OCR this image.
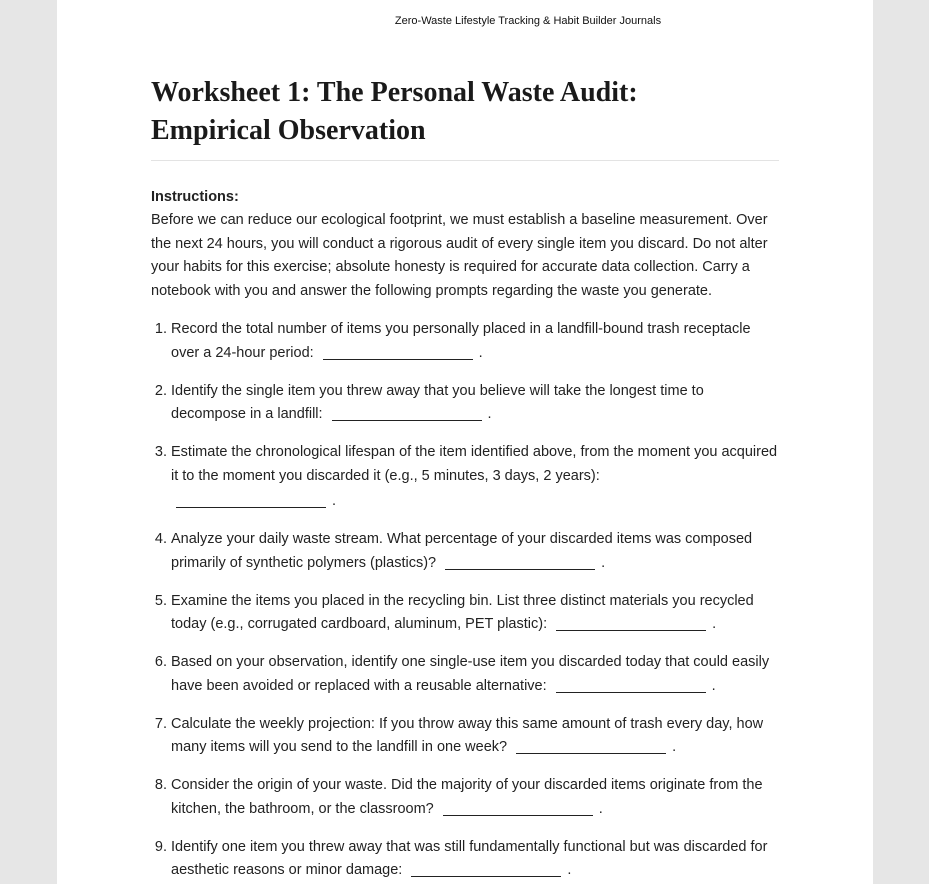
Zero-Waste Lifestyle Tracking & Habit Builder Journals

Worksheet 1: The Personal Waste Audit:
Empirical Observation

Instructions:

Before we can reduce our ecological footprint, we must establish a baseline measurement. Over the next 24 hours, you will conduct a rigorous audit of every single item you discard. Do not alter your habits for this exercise; absolute honesty is required for accurate data collection. Carry a notebook with you and answer the following prompts regarding the waste you generate.

1. Record the total number of items you personally placed in a landfill-bound trash receptacle over a 24-hour period:	.
2. Identify the single item you threw away that you believe will take the longest time to decompose in a landfill:	.
3. Estimate the chronological lifespan of the item identified above, from the moment you acquired it to the moment you discarded it (e.g., 5 minutes, 3 days, 2 years):
.
4. Analyze your daily waste stream. What percentage of your discarded items was composed primarily of synthetic polymers (plastics)?	.
5. Examine the items you placed in the recycling bin. List three distinct materials you recycled today (e.g., corrugated cardboard, aluminum, PET plastic):	.
6. Based on your observation, identify one single-use item you discarded today that could easily have been avoided or replaced with a reusable alternative:	.
7. Calculate the weekly projection: If you throw away this same amount of trash every day, how many items will you send to the landfill in one week?	.
8. Consider the origin of your waste. Did the majority of your discarded items originate from the kitchen, the bathroom, or the classroom?	.
9. Identify one item you threw away that was still fundamentally functional but was discarded for aesthetic reasons or minor damage:	.
